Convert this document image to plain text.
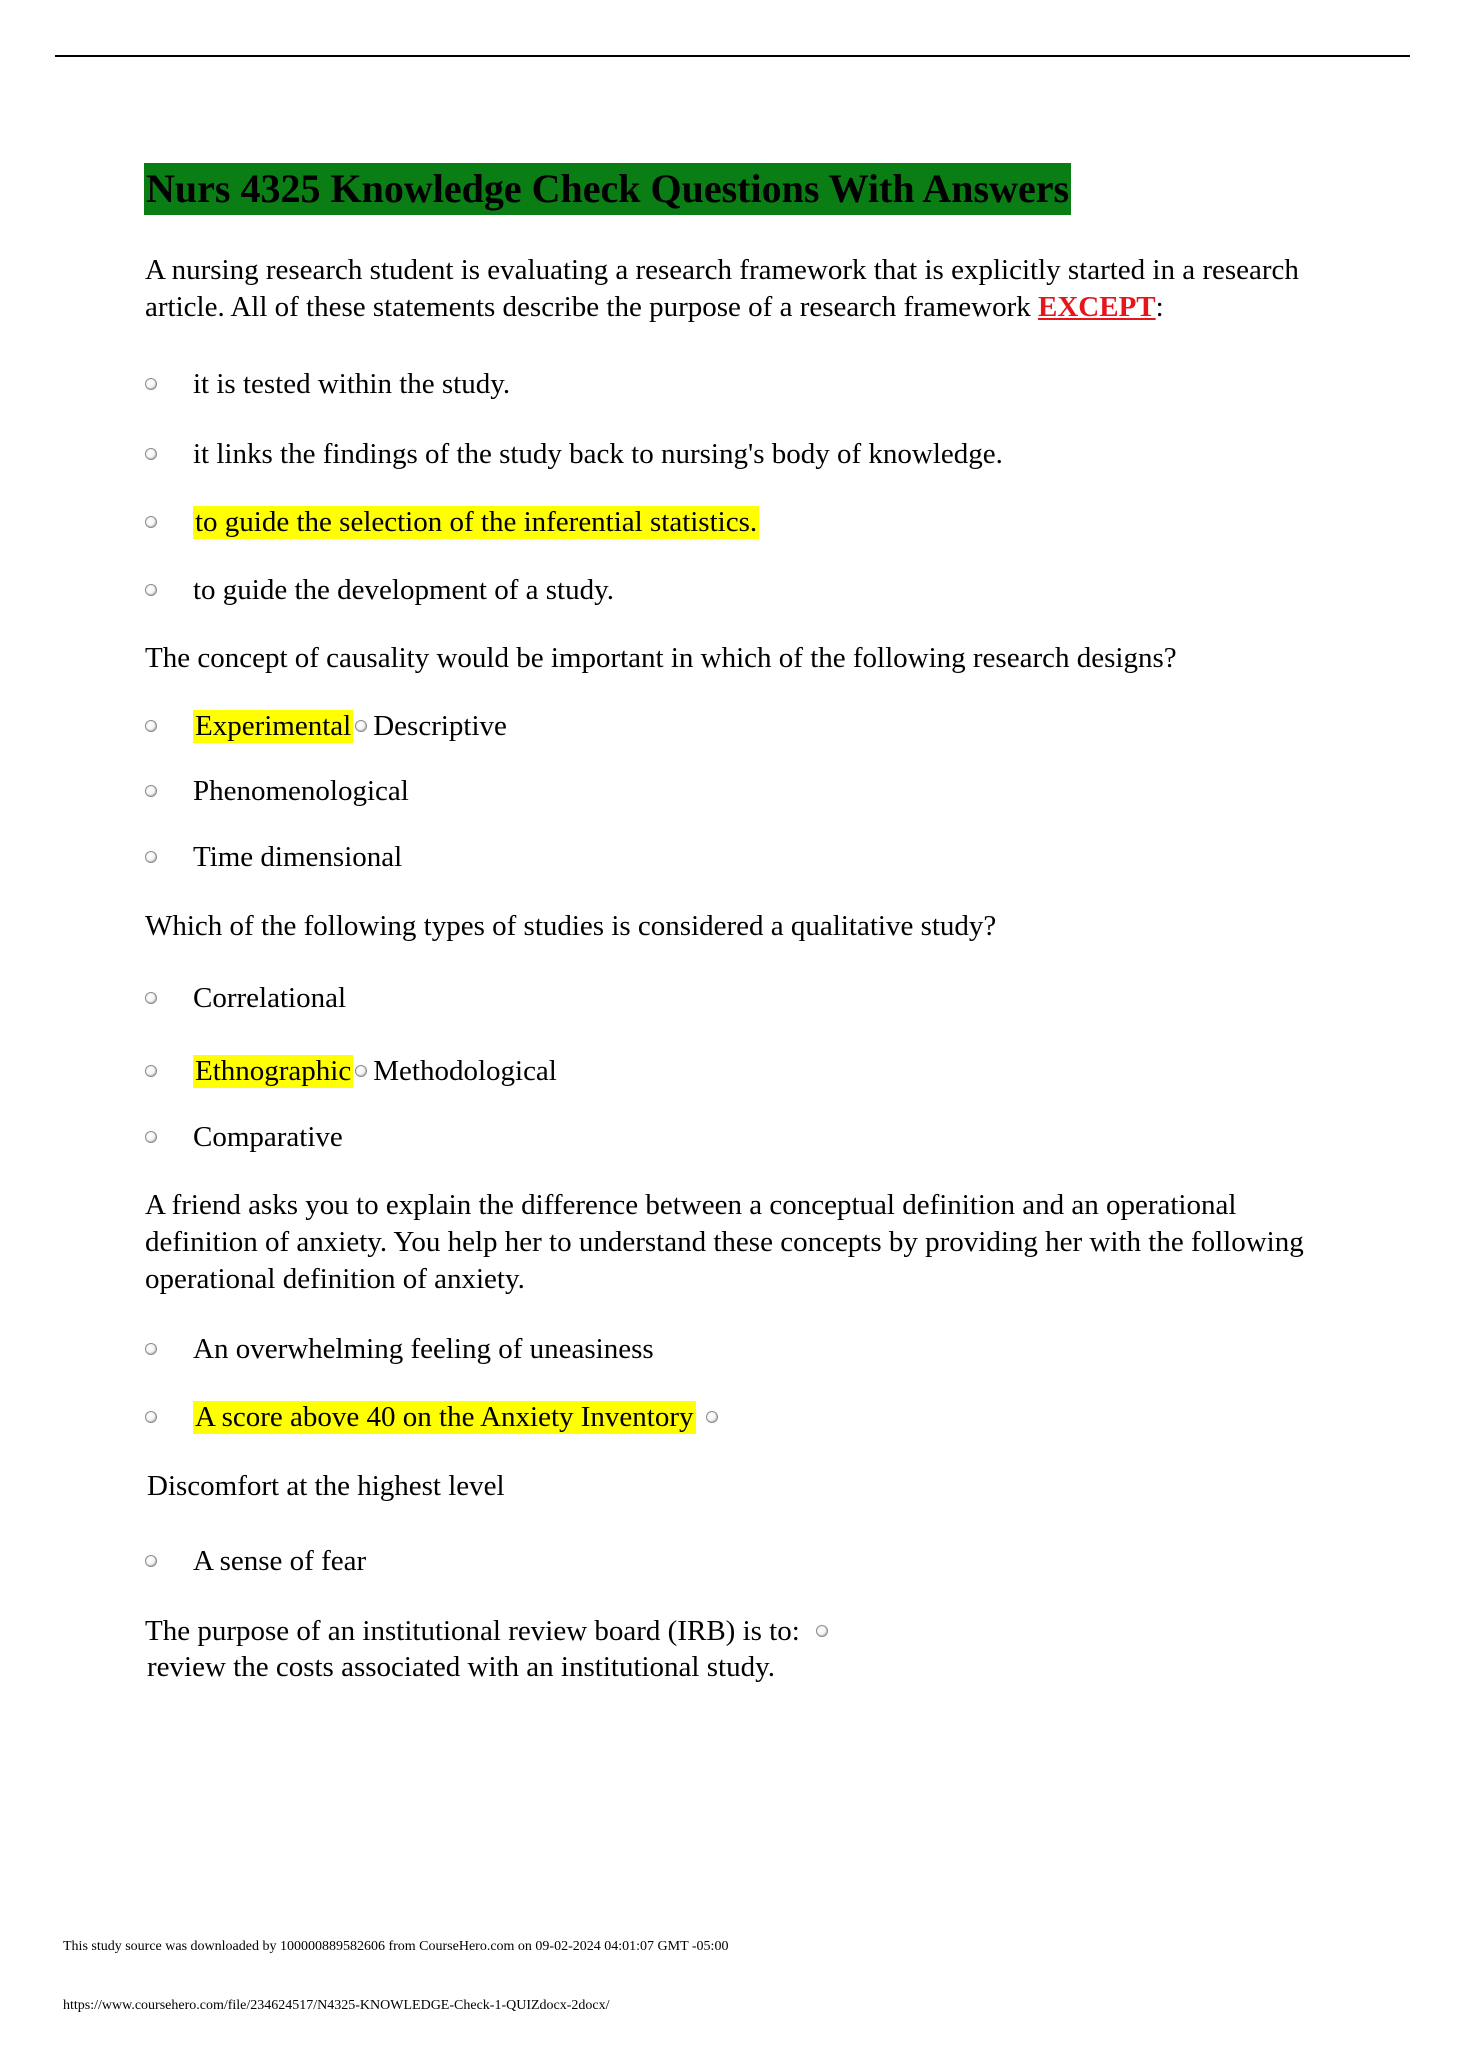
Nurs 4325 Knowledge Check Questions With Answers
A nursing research student is evaluating a research framework that is explicitly started in a research article. All of these statements describe the purpose of a research framework EXCEPT:
it is tested within the study.
it links the findings of the study back to nursing's body of knowledge.
to guide the selection of the inferential statistics.
to guide the development of a study.
The concept of causality would be important in which of the following research designs?
Experimental Descriptive
Phenomenological
Time dimensional
Which of the following types of studies is considered a qualitative study?
Correlational
Ethnographic Methodological
Comparative
A friend asks you to explain the difference between a conceptual definition and an operational definition of anxiety. You help her to understand these concepts by providing her with the following operational definition of anxiety.
An overwhelming feeling of uneasiness
A score above 40 on the Anxiety Inventory
Discomfort at the highest level
A sense of fear
The purpose of an institutional review board (IRB) is to:
review the costs associated with an institutional study.
This study source was downloaded by 100000889582606 from CourseHero.com on 09-02-2024 04:01:07 GMT -05:00
https://www.coursehero.com/file/234624517/N4325-KNOWLEDGE-Check-1-QUIZdocx-2docx/
